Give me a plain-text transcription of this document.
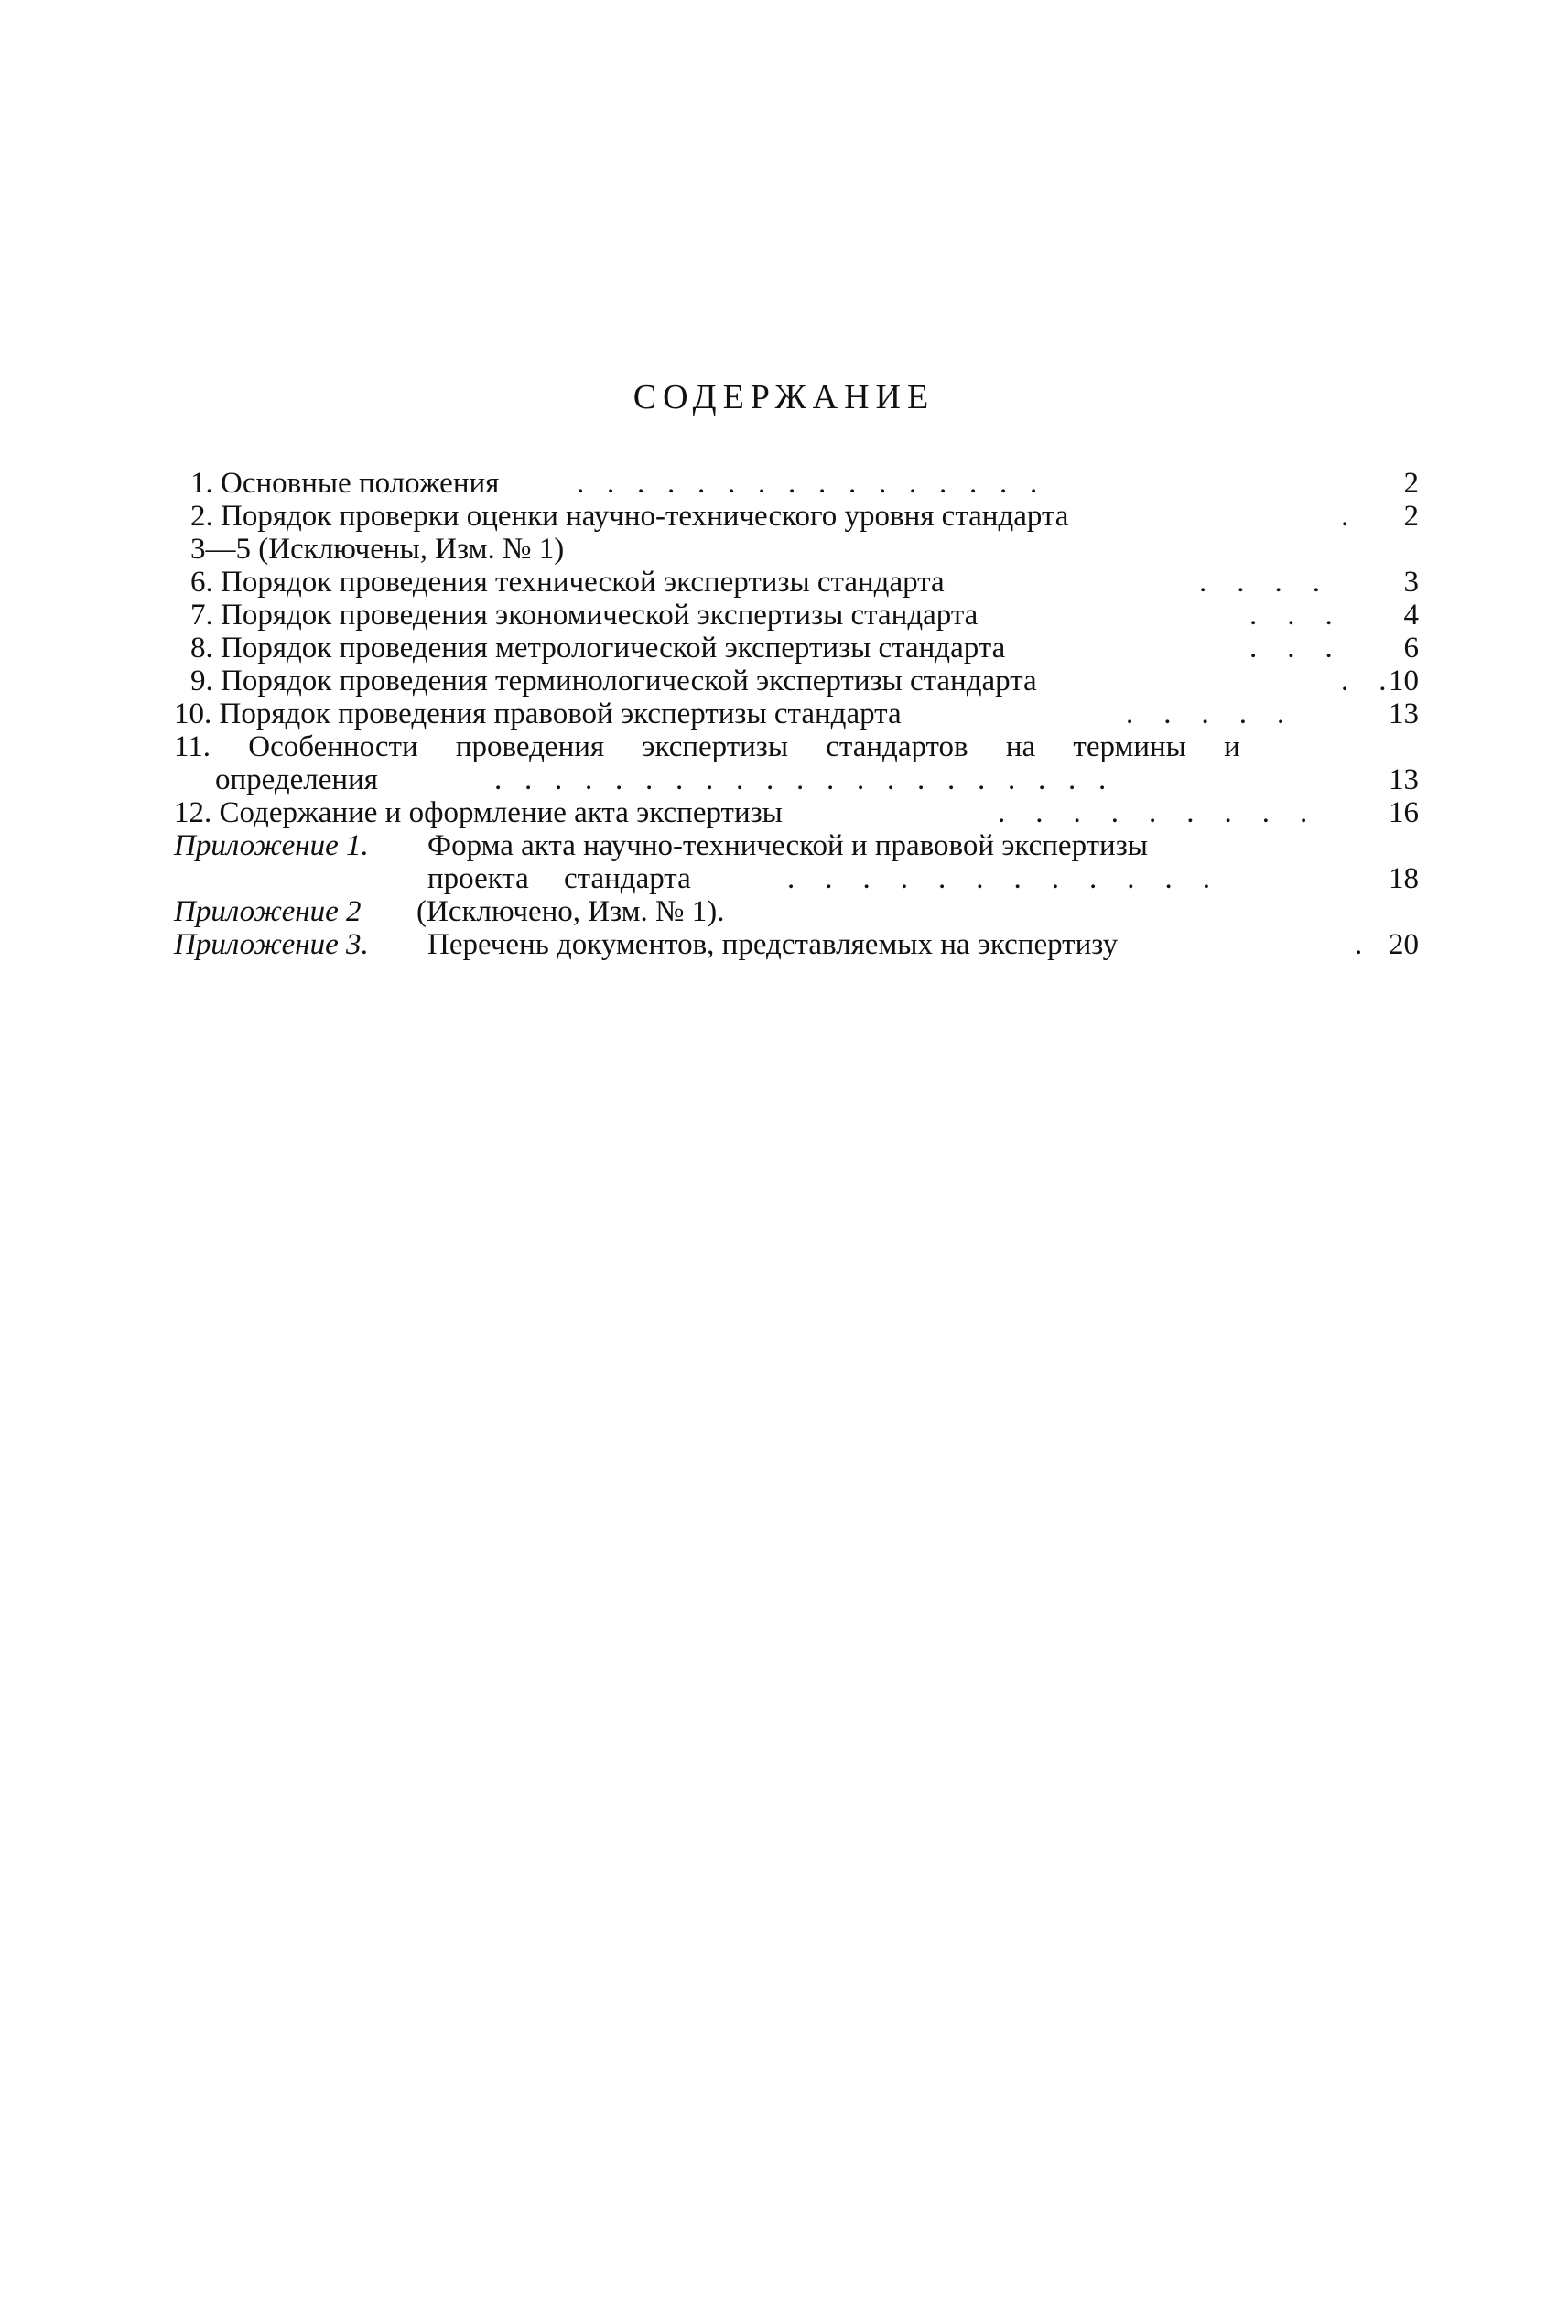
СОДЕРЖАНИЕ
1. Основные положения	.   .   .   .   .   .   .   .   .   .   .   .   .   .   .   .	2
2. Порядок проверки оценки научно-технического уровня стандарта	. 2
3—5 (Исключены, Изм. № 1)
6. Порядок проведения технической экспертизы стандарта	.    .    .    .	3
7. Порядок проведения экономической экспертизы стандарта	.    .    . 4
8. Порядок проведения метрологической экспертизы стандарта	.    .    . 6
9. Порядок проведения терминологической экспертизы стандарта	.    . 10
10. Порядок проведения правовой экспертизы стандарта	.    .    .    .    .	13
11. Особенности проведения экспертизы стандартов на термины и
определения	.   .   .   .   .   .   .   .   .   .   .   .   .   .   .   .   .   .   .   .   .	13
12. Содержание и оформление акта экспертизы	.    .    .    .    .    .    .    .    .	16
Приложение 1. Форма акта научно-технической и правовой экспертизы
проекта стандарта	.    .    .    .    .    .    .    .    .    .    .    .	18
Приложение 2 (Исключено, Изм. № 1).
Приложение 3. Перечень документов, представляемых на экспертизу	. 20
